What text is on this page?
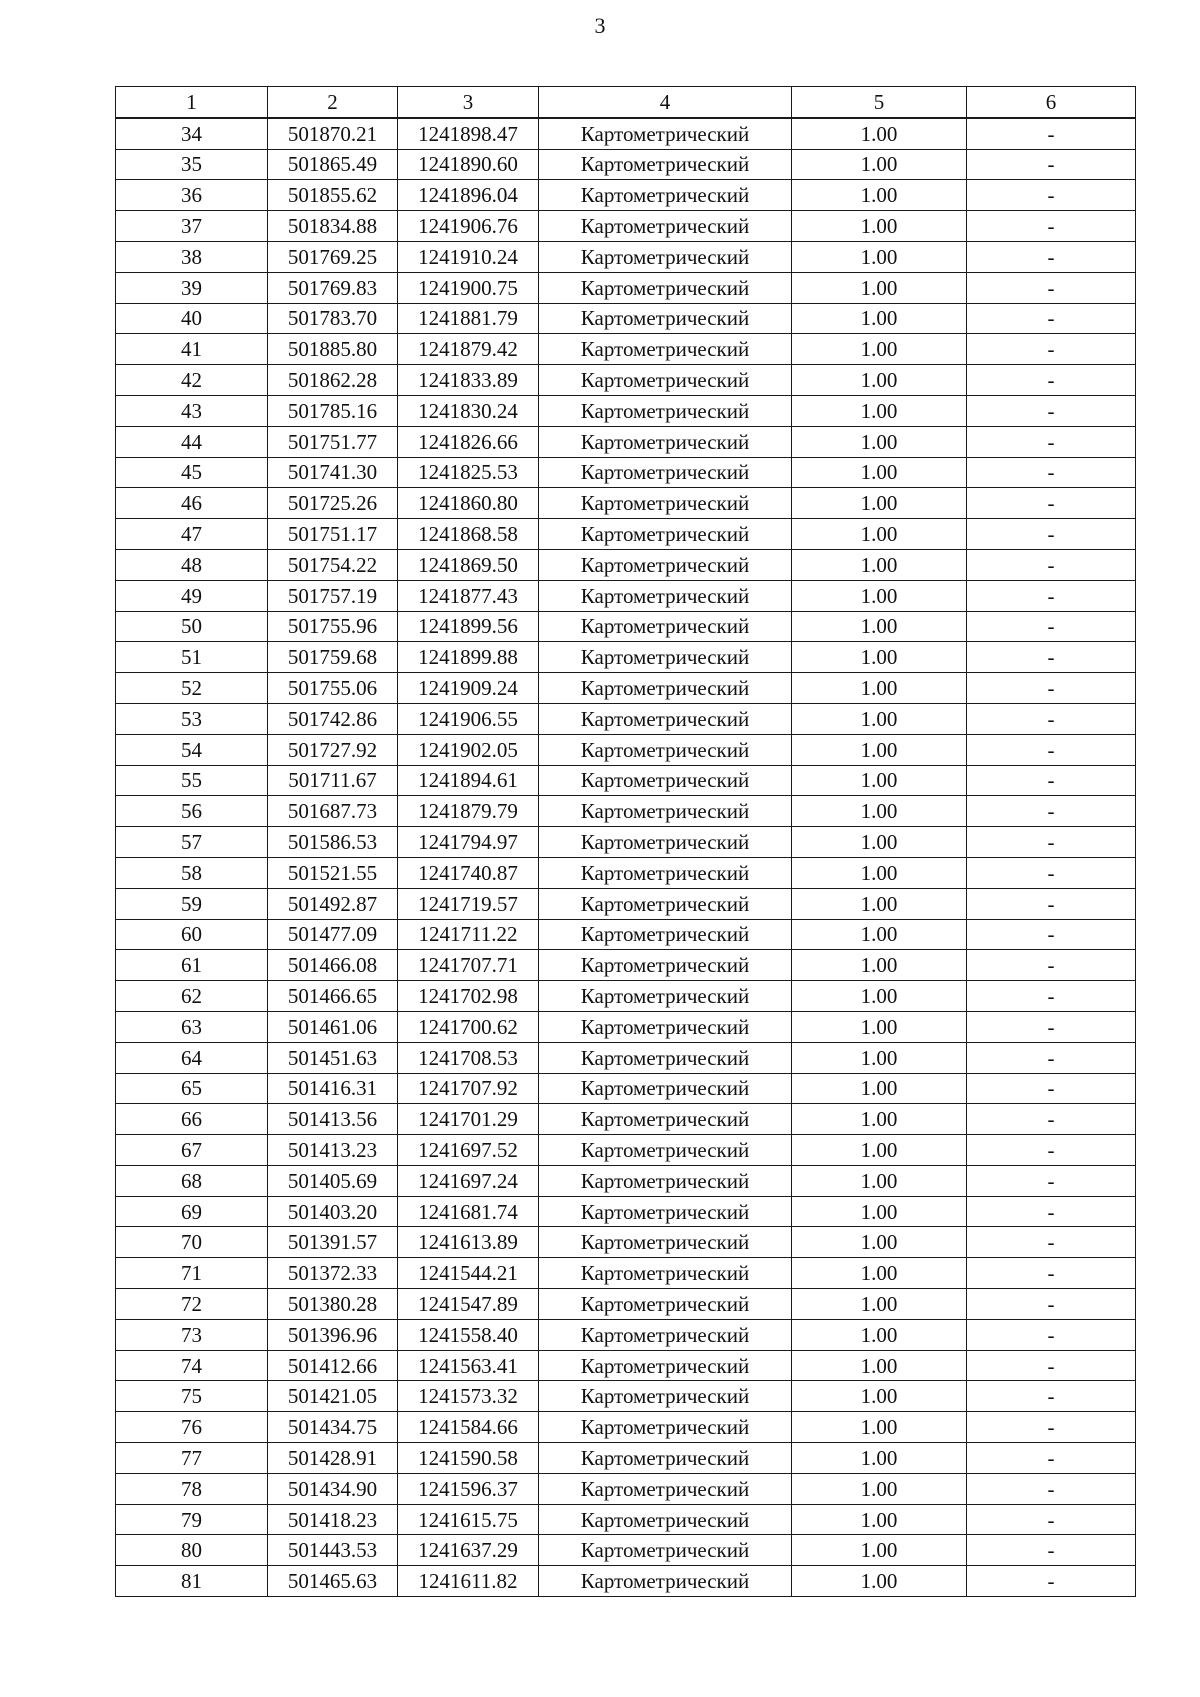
3
1	2	3	4	5	6
34	501870.21	1241898.47	Картометрический	1.00	-
35	501865.49	1241890.60	Картометрический	1.00	-
36	501855.62	1241896.04	Картометрический	1.00	-
37	501834.88	1241906.76	Картометрический	1.00	-
38	501769.25	1241910.24	Картометрический	1.00	-
39	501769.83	1241900.75	Картометрический	1.00	-
40	501783.70	1241881.79	Картометрический	1.00	-
41	501885.80	1241879.42	Картометрический	1.00	-
42	501862.28	1241833.89	Картометрический	1.00	-
43	501785.16	1241830.24	Картометрический	1.00	-
44	501751.77	1241826.66	Картометрический	1.00	-
45	501741.30	1241825.53	Картометрический	1.00	-
46	501725.26	1241860.80	Картометрический	1.00	-
47	501751.17	1241868.58	Картометрический	1.00	-
48	501754.22	1241869.50	Картометрический	1.00	-
49	501757.19	1241877.43	Картометрический	1.00	-
50	501755.96	1241899.56	Картометрический	1.00	-
51	501759.68	1241899.88	Картометрический	1.00	-
52	501755.06	1241909.24	Картометрический	1.00	-
53	501742.86	1241906.55	Картометрический	1.00	-
54	501727.92	1241902.05	Картометрический	1.00	-
55	501711.67	1241894.61	Картометрический	1.00	-
56	501687.73	1241879.79	Картометрический	1.00	-
57	501586.53	1241794.97	Картометрический	1.00	-
58	501521.55	1241740.87	Картометрический	1.00	-
59	501492.87	1241719.57	Картометрический	1.00	-
60	501477.09	1241711.22	Картометрический	1.00	-
61	501466.08	1241707.71	Картометрический	1.00	-
62	501466.65	1241702.98	Картометрический	1.00	-
63	501461.06	1241700.62	Картометрический	1.00	-
64	501451.63	1241708.53	Картометрический	1.00	-
65	501416.31	1241707.92	Картометрический	1.00	-
66	501413.56	1241701.29	Картометрический	1.00	-
67	501413.23	1241697.52	Картометрический	1.00	-
68	501405.69	1241697.24	Картометрический	1.00	-
69	501403.20	1241681.74	Картометрический	1.00	-
70	501391.57	1241613.89	Картометрический	1.00	-
71	501372.33	1241544.21	Картометрический	1.00	-
72	501380.28	1241547.89	Картометрический	1.00	-
73	501396.96	1241558.40	Картометрический	1.00	-
74	501412.66	1241563.41	Картометрический	1.00	-
75	501421.05	1241573.32	Картометрический	1.00	-
76	501434.75	1241584.66	Картометрический	1.00	-
77	501428.91	1241590.58	Картометрический	1.00	-
78	501434.90	1241596.37	Картометрический	1.00	-
79	501418.23	1241615.75	Картометрический	1.00	-
80	501443.53	1241637.29	Картометрический	1.00	-
81	501465.63	1241611.82	Картометрический	1.00	-
